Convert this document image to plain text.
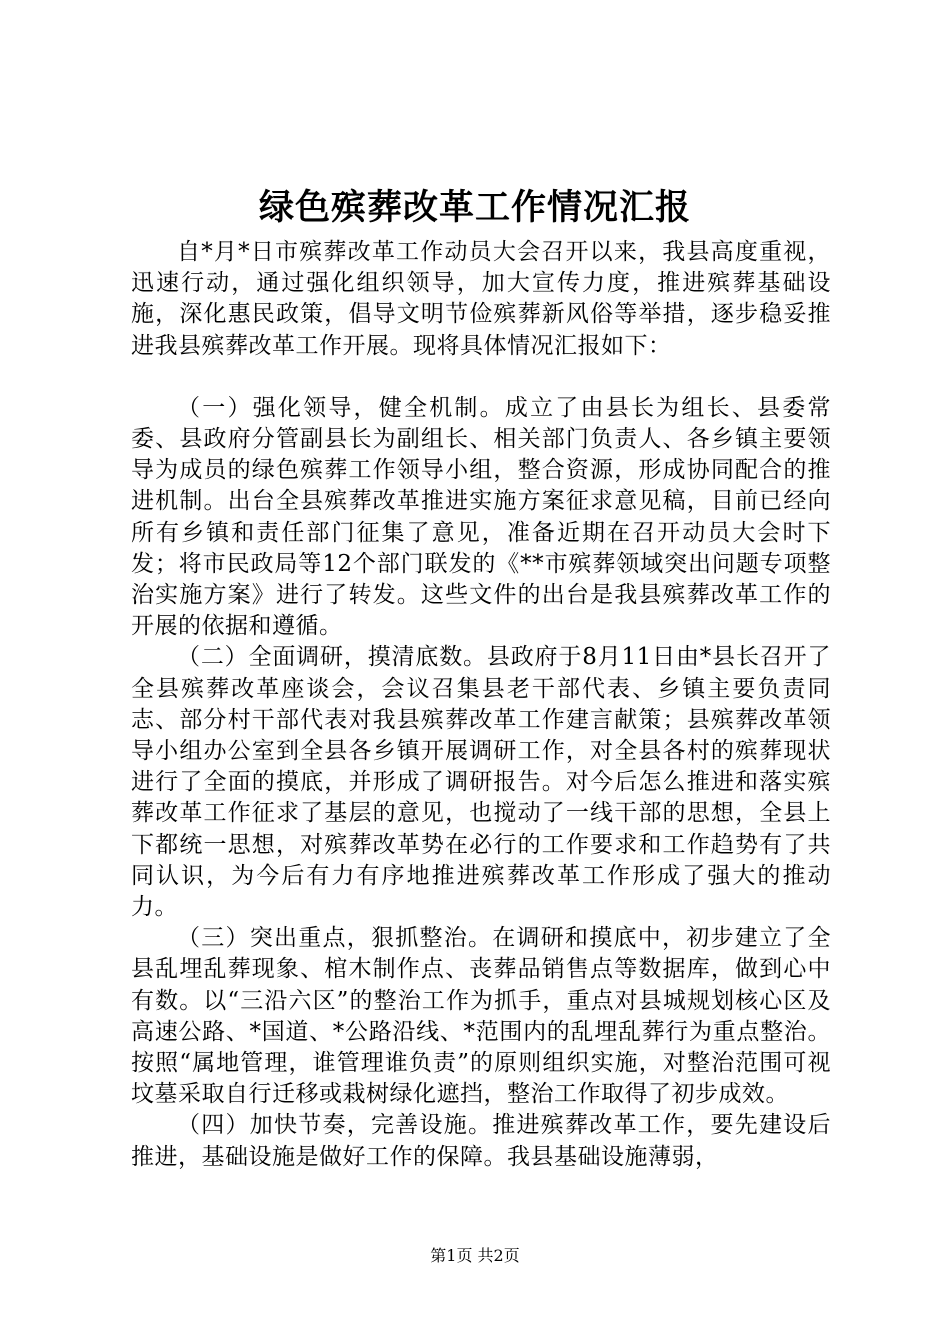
绿色殡葬改革工作情况汇报

自*月*日市殡葬改革工作动员大会召开以来，我县高度重视，迅速行动，通过强化组织领导，加大宣传力度，推进殡葬基础设施，深化惠民政策，倡导文明节俭殡葬新风俗等举措，逐步稳妥推进我县殡葬改革工作开展。现将具体情况汇报如下：

（一）强化领导，健全机制。成立了由县长为组长、县委常委、县政府分管副县长为副组长、相关部门负责人、各乡镇主要领导为成员的绿色殡葬工作领导小组，整合资源，形成协同配合的推进机制。出台全县殡葬改革推进实施方案征求意见稿，目前已经向所有乡镇和责任部门征集了意见，准备近期在召开动员大会时下发；将市民政局等12个部门联发的《**市殡葬领域突出问题专项整治实施方案》进行了转发。这些文件的出台是我县殡葬改革工作的开展的依据和遵循。

（二）全面调研，摸清底数。县政府于8月11日由*县长召开了全县殡葬改革座谈会，会议召集县老干部代表、乡镇主要负责同志、部分村干部代表对我县殡葬改革工作建言献策；县殡葬改革领导小组办公室到全县各乡镇开展调研工作，对全县各村的殡葬现状进行了全面的摸底，并形成了调研报告。对今后怎么推进和落实殡葬改革工作征求了基层的意见，也搅动了一线干部的思想，全县上下都统一思想，对殡葬改革势在必行的工作要求和工作趋势有了共同认识，为今后有力有序地推进殡葬改革工作形成了强大的推动力。

（三）突出重点，狠抓整治。在调研和摸底中，初步建立了全县乱埋乱葬现象、棺木制作点、丧葬品销售点等数据库，做到心中有数。以“三沿六区”的整治工作为抓手，重点对县城规划核心区及高速公路、*国道、*公路沿线、*范围内的乱埋乱葬行为重点整治。按照“属地管理，谁管理谁负责”的原则组织实施，对整治范围可视坟墓采取自行迁移或栽树绿化遮挡，整治工作取得了初步成效。

（四）加快节奏，完善设施。推进殡葬改革工作，要先建设后推进，基础设施是做好工作的保障。我县基础设施薄弱，

第1页 共2页
